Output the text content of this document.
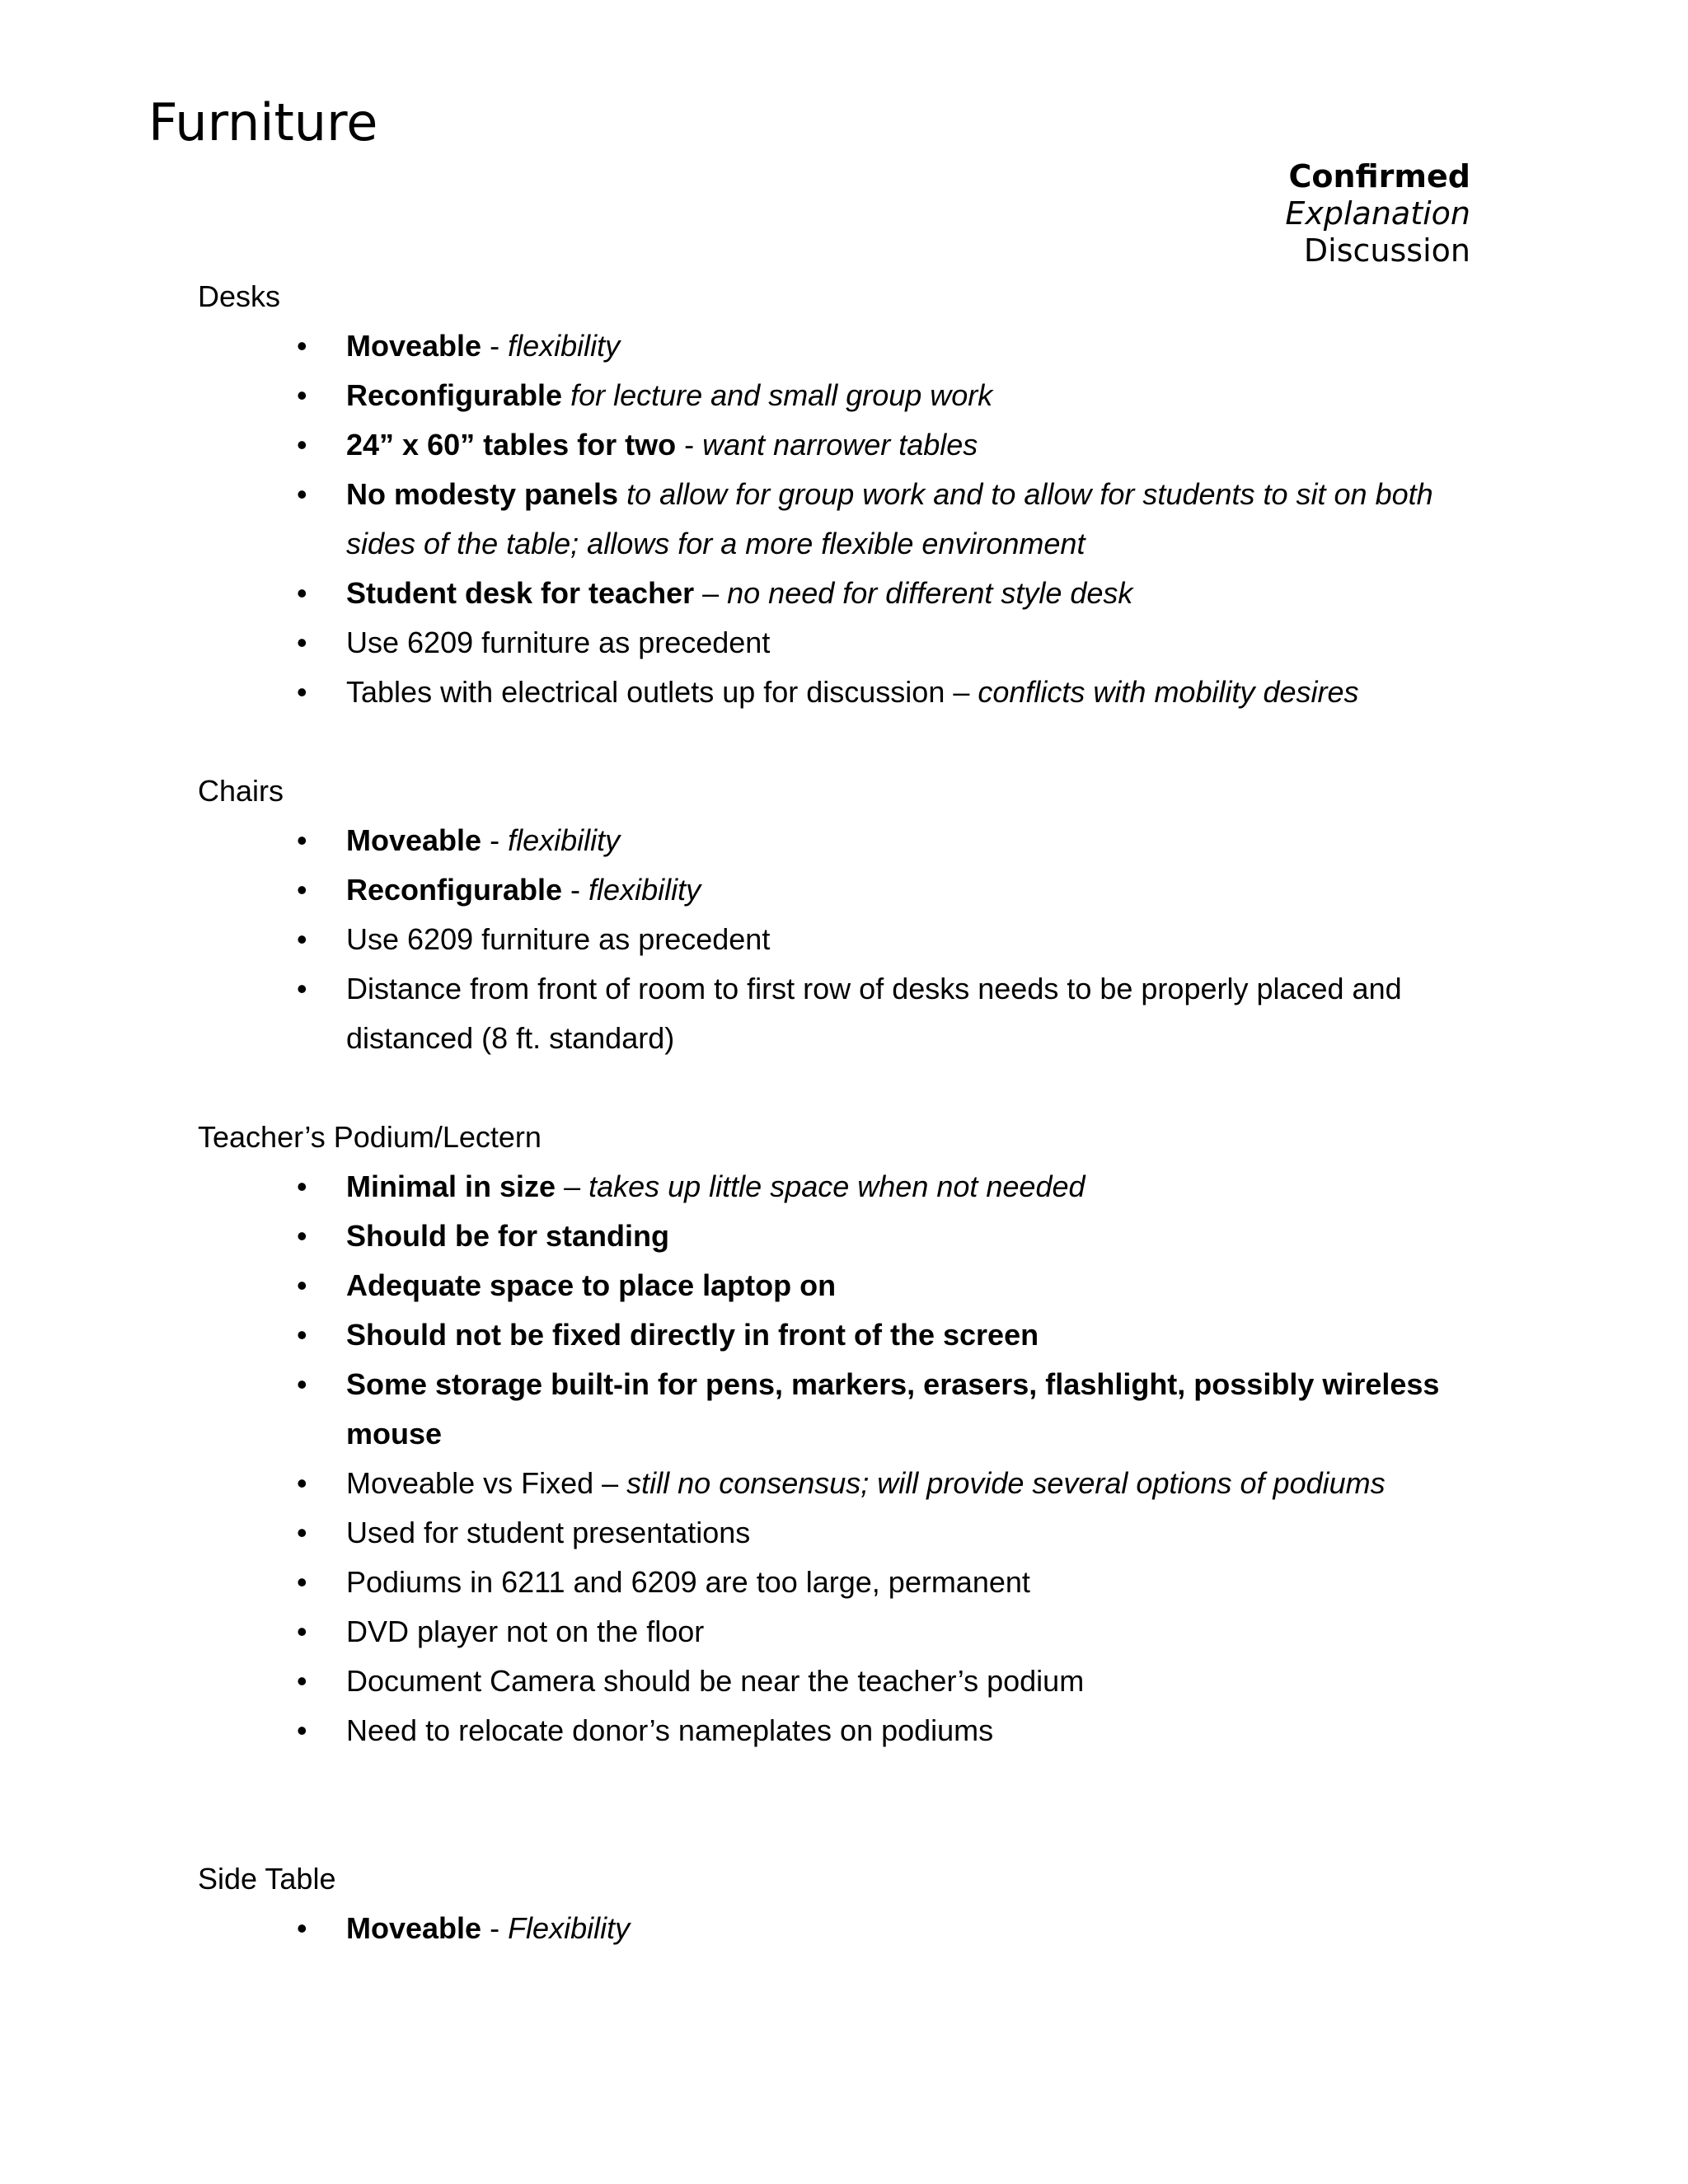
Furniture
Confirmed
Explanation
Discussion
Desks
• Moveable - flexibility
• Reconfigurable for lecture and small group work
• 24” x 60” tables for two - want narrower tables
• No modesty panels to allow for group work and to allow for students to sit on both sides of the table; allows for a more flexible environment
• Student desk for teacher – no need for different style desk
• Use 6209 furniture as precedent
• Tables with electrical outlets up for discussion – conflicts with mobility desires
Chairs
• Moveable - flexibility
• Reconfigurable - flexibility
• Use 6209 furniture as precedent
• Distance from front of room to first row of desks needs to be properly placed and distanced (8 ft. standard)
Teacher’s Podium/Lectern
• Minimal in size – takes up little space when not needed
• Should be for standing
• Adequate space to place laptop on
• Should not be fixed directly in front of the screen
• Some storage built-in for pens, markers, erasers, flashlight, possibly wireless mouse
• Moveable vs Fixed – still no consensus; will provide several options of podiums
• Used for student presentations
• Podiums in 6211 and 6209 are too large, permanent
• DVD player not on the floor
• Document Camera should be near the teacher’s podium
• Need to relocate donor’s nameplates on podiums
Side Table
• Moveable - Flexibility
